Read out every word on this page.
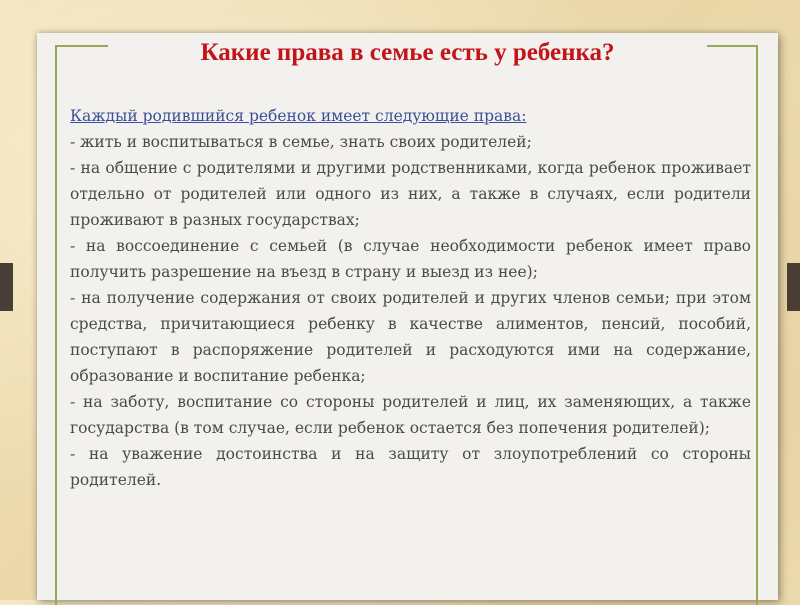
Какие права в семье есть у ребенка?

Каждый родившийся ребенок имеет следующие права:

- жить и воспитываться в семье, знать своих родителей;

- на общение с родителями и другими родственниками, когда ребенок проживает отдельно от родителей или одного из них, а также в случаях, если родители проживают в разных государствах;

- на воссоединение с семьей (в случае необходимости ребенок имеет право получить разрешение на въезд в страну и выезд из нее);

- на получение содержания от своих родителей и других членов семьи; при этом средства, причитающиеся ребенку в качестве алиментов, пенсий, пособий, поступают в распоряжение родителей и расходуются ими на содержание, образование и воспитание ребенка;

- на заботу, воспитание со стороны родителей и лиц, их заменяющих, а также государства (в том случае, если ребенок остается без попечения родителей);

- на уважение достоинства и на защиту от злоупотреблений со стороны родителей.
